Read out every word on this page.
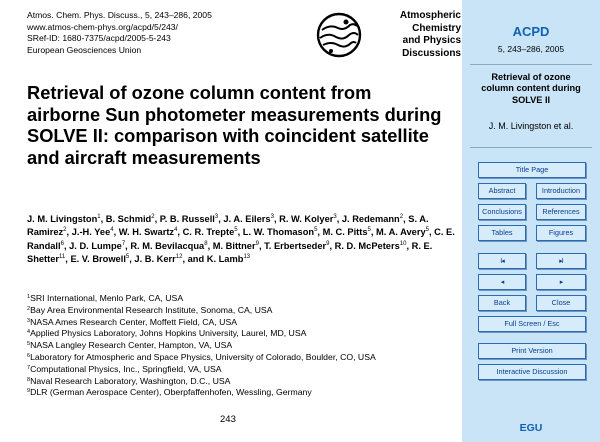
Atmos. Chem. Phys. Discuss., 5, 243–286, 2005
www.atmos-chem-phys.org/acpd/5/243/
SRef-ID: 1680-7375/acpd/2005-5-243
European Geosciences Union
Atmospheric
Chemistry
and Physics
Discussions
Retrieval of ozone column content from airborne Sun photometer measurements during SOLVE II: comparison with coincident satellite and aircraft measurements
J. M. Livingston$^1$, B. Schmid$^2$, P. B. Russell$^3$, J. A. Eilers$^3$, R. W. Kolyer$^3$, J. Redemann$^2$, S. A. Ramirez$^2$, J.-H. Yee$^4$, W. H. Swartz$^4$, C. R. Trepte$^5$, L. W. Thomason$^5$, M. C. Pitts$^5$, M. A. Avery$^5$, C. E. Randall$^6$, J. D. Lumpe$^7$, R. M. Bevilacqua$^8$, M. Bittner$^9$, T. Erbertseder$^9$, R. D. McPeters$^{10}$, R. E. Shetter$^{11}$, E. V. Browell$^5$, J. B. Kerr$^{12}$, and K. Lamb$^{13}$
$^1$SRI International, Menlo Park, CA, USA
$^2$Bay Area Environmental Research Institute, Sonoma, CA, USA
$^3$NASA Ames Research Center, Moffett Field, CA, USA
$^4$Applied Physics Laboratory, Johns Hopkins University, Laurel, MD, USA
$^5$NASA Langley Research Center, Hampton, VA, USA
$^6$Laboratory for Atmospheric and Space Physics, University of Colorado, Boulder, CO, USA
$^7$Computational Physics, Inc., Springfield, VA, USA
$^8$Naval Research Laboratory, Washington, D.C., USA
$^9$DLR (German Aerospace Center), Oberpfaffenhofen, Wessling, Germany
243
ACPD
5, 243–286, 2005
Retrieval of ozone column content during SOLVE II
J. M. Livingston et al.
Title Page
Abstract	Introduction
Conclusions	References
Tables	Figures
I◂	▸I
◂	▸
Back	Close
Full Screen / Esc
Print Version
Interactive Discussion
EGU
